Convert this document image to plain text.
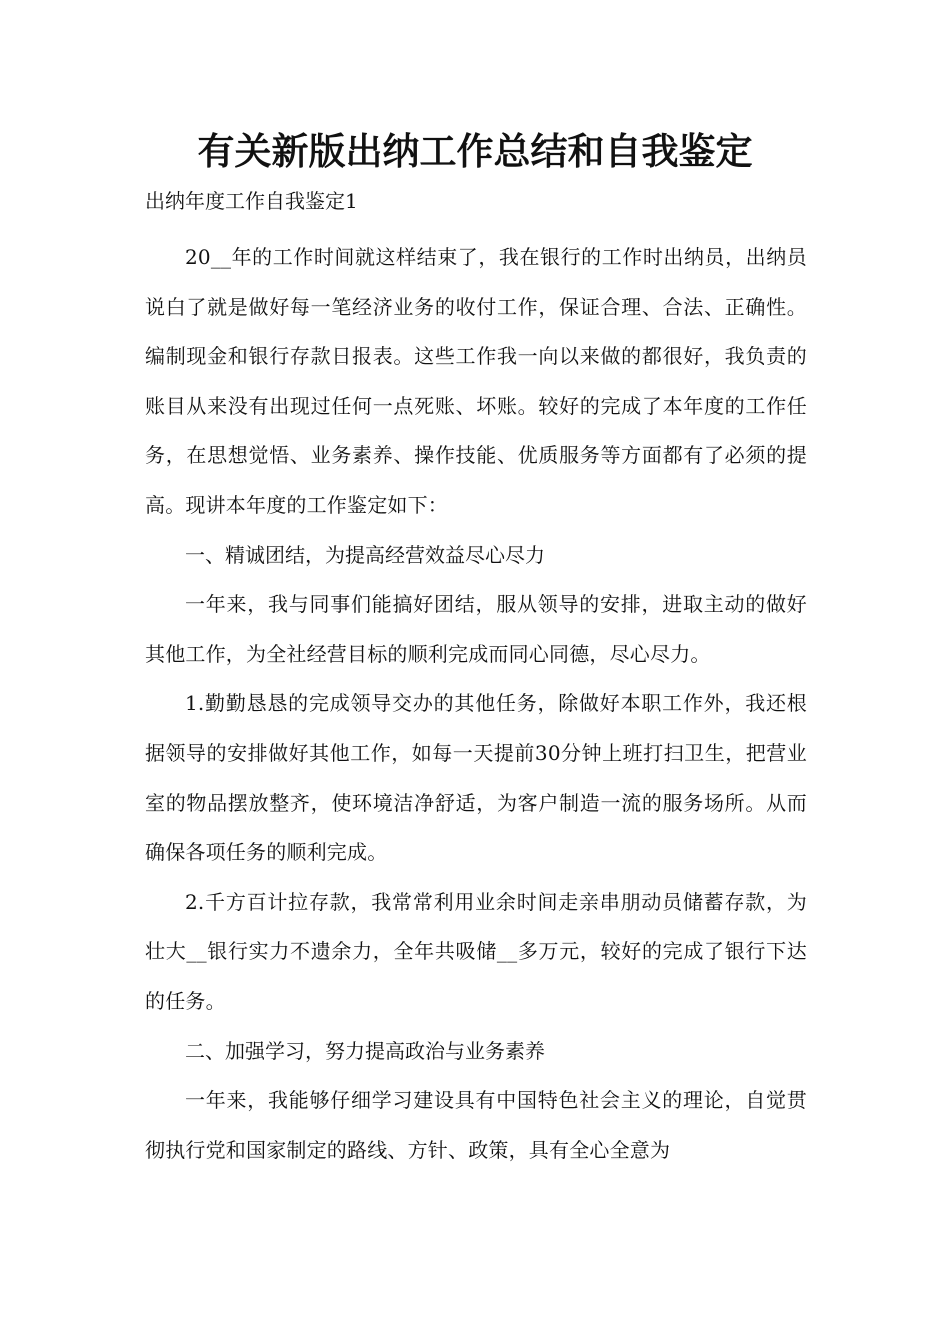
有关新版出纳工作总结和自我鉴定

出纳年度工作自我鉴定1

20__年的工作时间就这样结束了，我在银行的工作时出纳员，出纳员说白了就是做好每一笔经济业务的收付工作，保证合理、合法、正确性。编制现金和银行存款日报表。这些工作我一向以来做的都很好，我负责的账目从来没有出现过任何一点死账、坏账。较好的完成了本年度的工作任务，在思想觉悟、业务素养、操作技能、优质服务等方面都有了必须的提高。现讲本年度的工作鉴定如下：

一、精诚团结，为提高经营效益尽心尽力

一年来，我与同事们能搞好团结，服从领导的安排，进取主动的做好其他工作，为全社经营目标的顺利完成而同心同德，尽心尽力。

1.勤勤恳恳的完成领导交办的其他任务，除做好本职工作外，我还根据领导的安排做好其他工作，如每一天提前30分钟上班打扫卫生，把营业室的物品摆放整齐，使环境洁净舒适，为客户制造一流的服务场所。从而确保各项任务的顺利完成。

2.千方百计拉存款，我常常利用业余时间走亲串朋动员储蓄存款，为壮大__银行实力不遗余力，全年共吸储__多万元，较好的完成了银行下达的任务。

二、加强学习，努力提高政治与业务素养

一年来，我能够仔细学习建设具有中国特色社会主义的理论，自觉贯彻执行党和国家制定的路线、方针、政策，具有全心全意为
